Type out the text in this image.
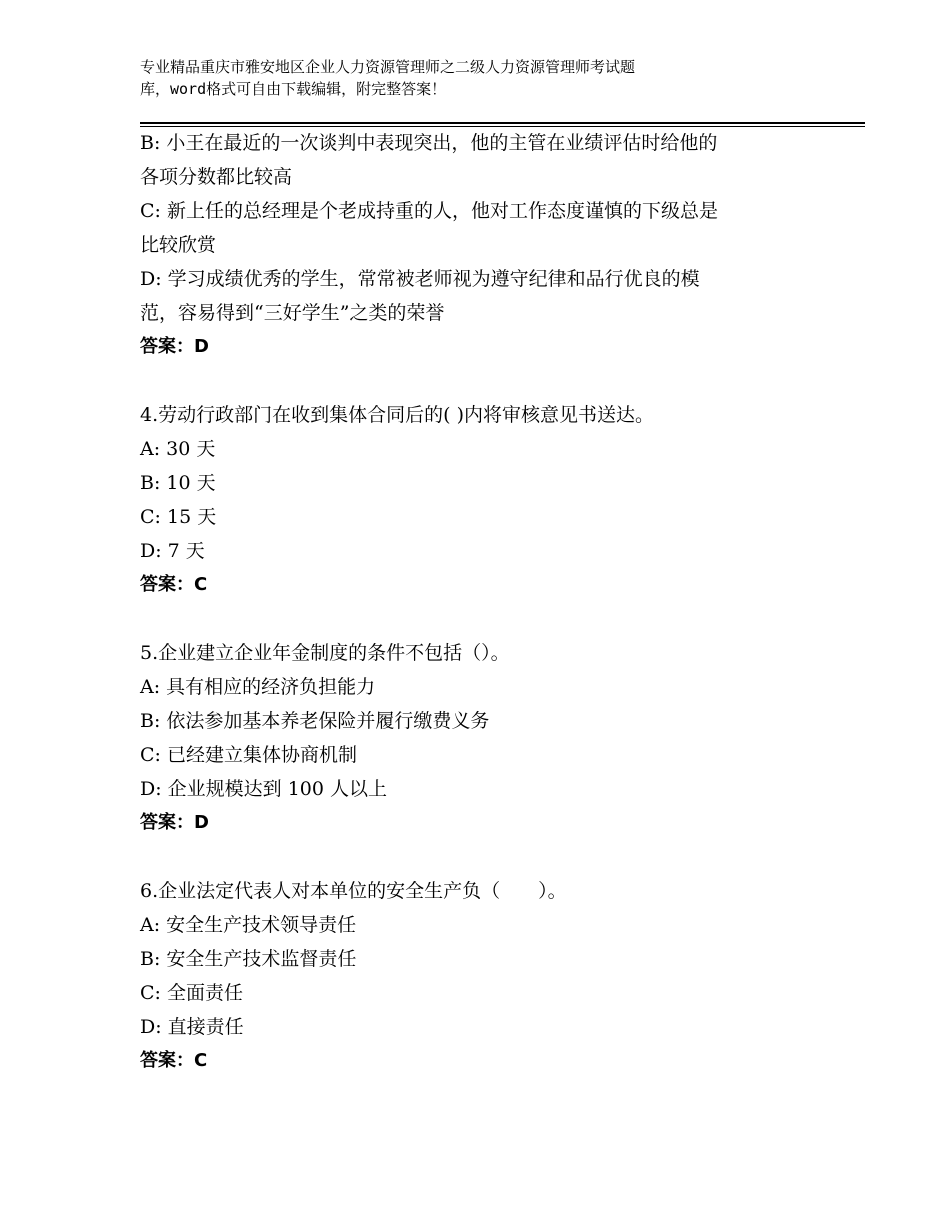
专业精品重庆市雅安地区企业人力资源管理师之二级人力资源管理师考试题
库，word格式可自由下载编辑，附完整答案！
B: 小王在最近的一次谈判中表现突出，他的主管在业绩评估时给他的
各项分数都比较高
C: 新上任的总经理是个老成持重的人，他对工作态度谨慎的下级总是
比较欣赏
D: 学习成绩优秀的学生，常常被老师视为遵守纪律和品行优良的模
范，容易得到“三好学生”之类的荣誉
答案：D
4.劳动行政部门在收到集体合同后的( )内将审核意见书送达。
A: 30 天
B: 10 天
C: 15 天
D: 7 天
答案：C
5.企业建立企业年金制度的条件不包括（）。
A: 具有相应的经济负担能力
B: 依法参加基本养老保险并履行缴费义务
C: 已经建立集体协商机制
D: 企业规模达到 100 人以上
答案：D
6.企业法定代表人对本单位的安全生产负（　　）。
A: 安全生产技术领导责任
B: 安全生产技术监督责任
C: 全面责任
D: 直接责任
答案：C
